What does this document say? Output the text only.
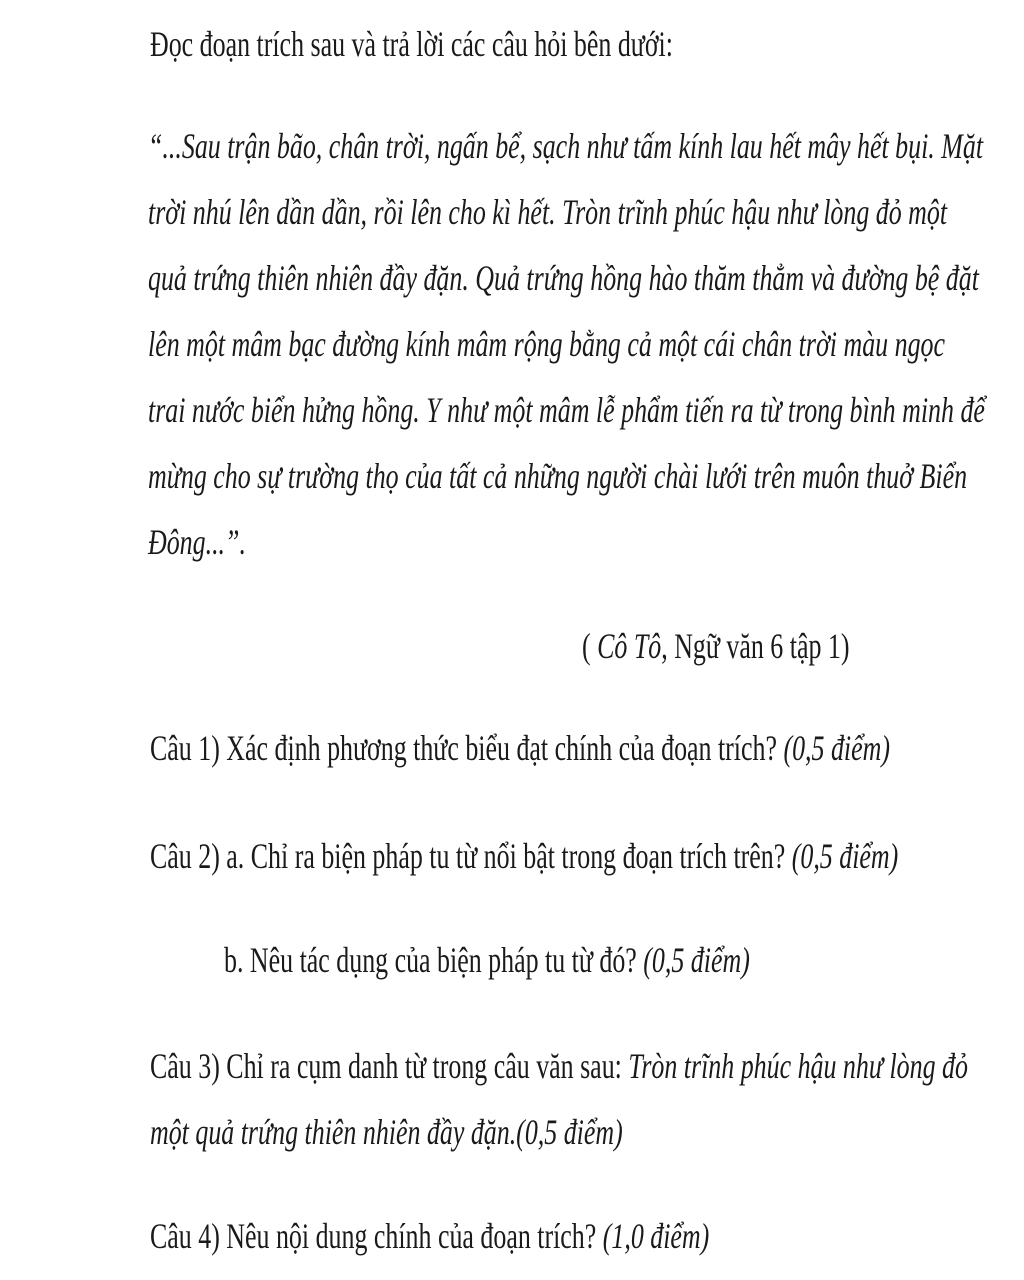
Đọc đoạn trích sau và trả lời các câu hỏi bên dưới:
“...Sau trận bão, chân trời, ngấn bể, sạch như tấm kính lau hết mây hết bụi. Mặt
trời nhú lên dần dần, rồi lên cho kì hết. Tròn trĩnh phúc hậu như lòng đỏ một
quả trứng thiên nhiên đầy đặn. Quả trứng hồng hào thăm thẳm và đường bệ đặt
lên một mâm bạc đường kính mâm rộng bằng cả một cái chân trời màu ngọc
trai nước biển hửng hồng. Y như một mâm lễ phẩm tiến ra từ trong bình minh để
mừng cho sự trường thọ của tất cả những người chài lưới trên muôn thuở Biển
Đông...”.
( Cô Tô, Ngữ văn 6 tập 1)
Câu 1) Xác định phương thức biểu đạt chính của đoạn trích? (0,5 điểm)
Câu 2) a. Chỉ ra biện pháp tu từ nổi bật trong đoạn trích trên? (0,5 điểm)
b. Nêu tác dụng của biện pháp tu từ đó? (0,5 điểm)
Câu 3) Chỉ ra cụm danh từ trong câu văn sau: Tròn trĩnh phúc hậu như lòng đỏ
một quả trứng thiên nhiên đầy đặn.(0,5 điểm)
Câu 4) Nêu nội dung chính của đoạn trích? (1,0 điểm)
